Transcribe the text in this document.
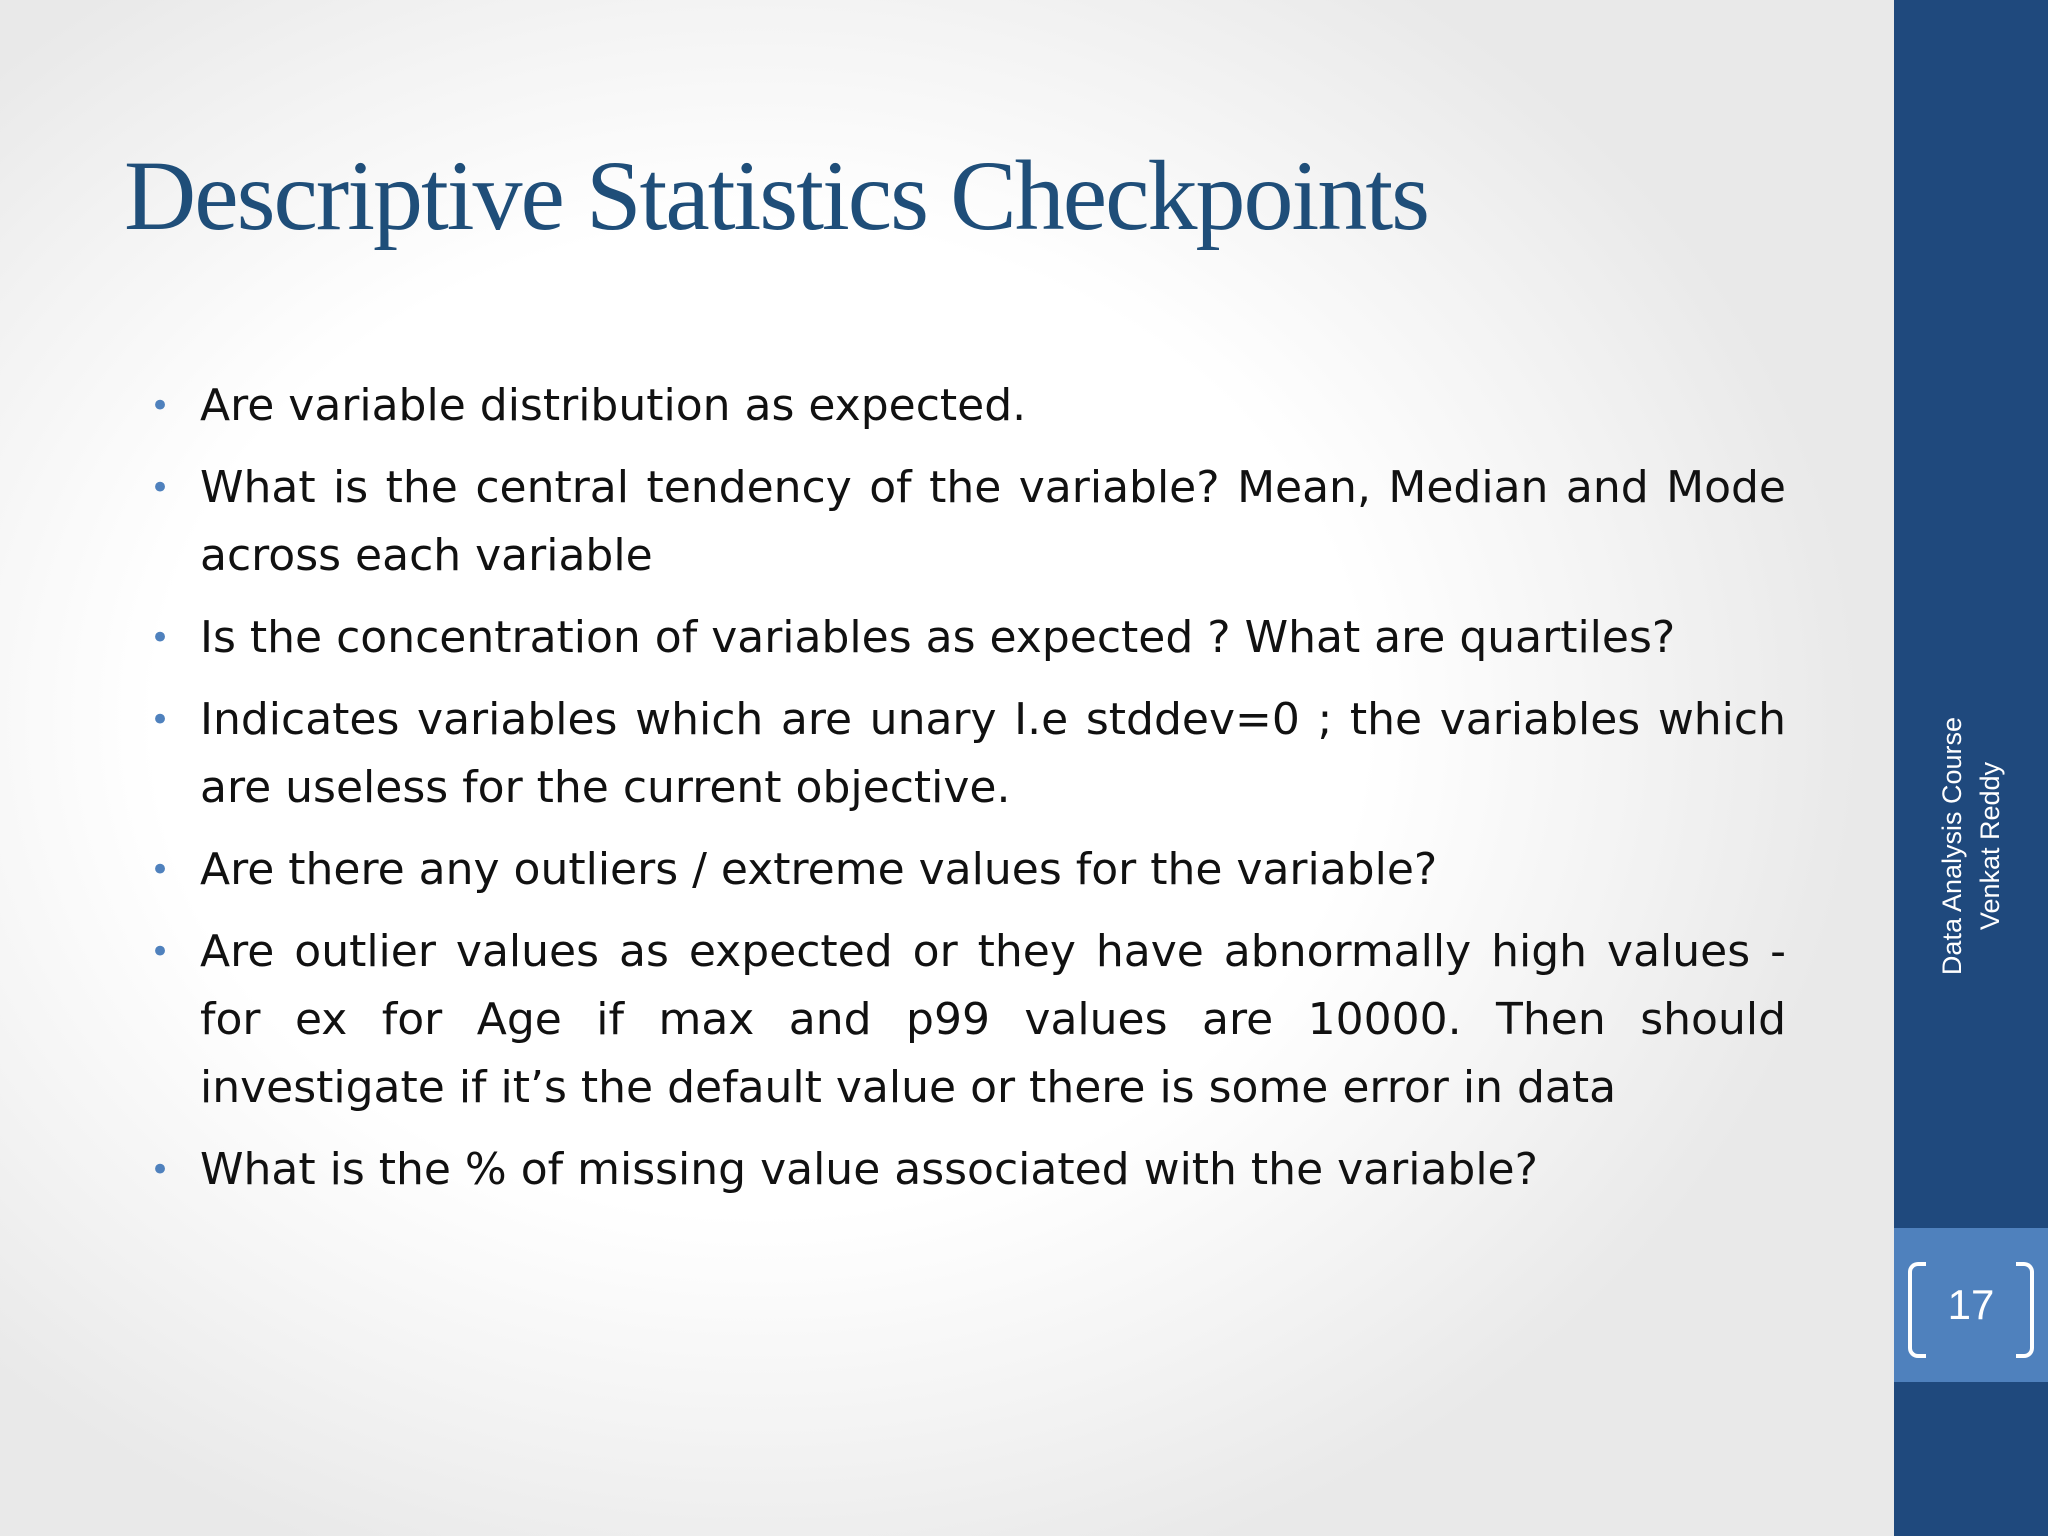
Descriptive Statistics Checkpoints
• Are variable distribution as expected.
• What is the central tendency of the variable? Mean, Median and Mode across each variable
• Is the concentration of variables as expected ? What are quartiles?
• Indicates variables which are unary I.e stddev=0 ; the variables which are useless for the current objective.
• Are there any outliers / extreme values for the variable?
• Are outlier values as expected or they have abnormally high values - for ex for Age if max and p99 values are 10000. Then should investigate if it’s the default value or there is some error in data
• What is the % of missing value associated with the variable?
Data Analysis Course Venkat Reddy
17
